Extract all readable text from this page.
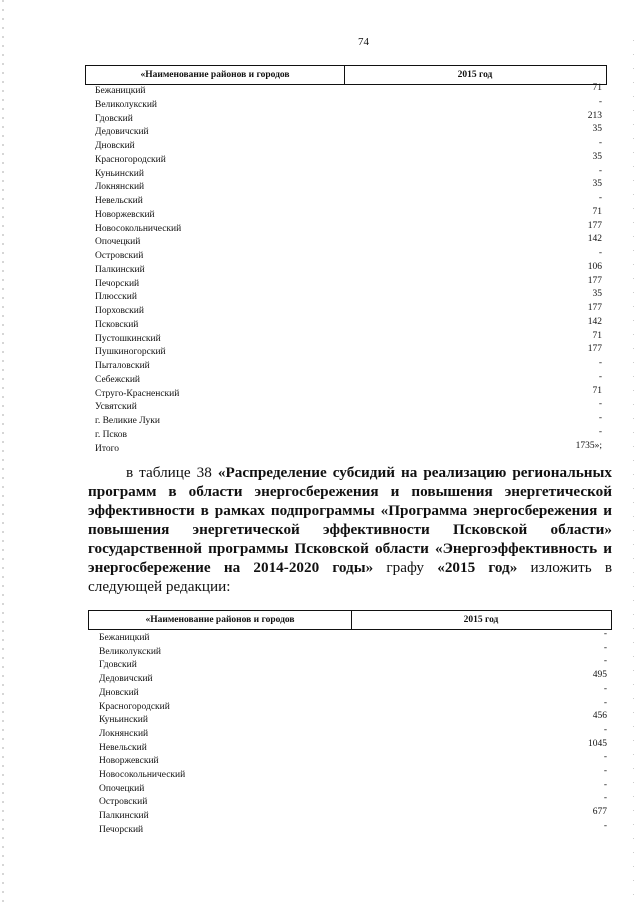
74
«Наименование районов и городов	2015 год
Бежаницкий
Великолукский
Гдовский
Дедовичский
Дновский
Красногородский
Куньинский
Локнянский
Невельский
Новоржевский
Новосокольнический
Опочецкий
Островский
Палкинский
Печорский
Плюсский
Порховский
Псковский
Пустошкинский
Пушкиногорский
Пыталовский
Себежский
Струго-Красненский
Усвятский
г. Великие Луки
г. Псков
Итого
71
-
213
35
-
35
-
35
-
71
177
142
-
106
177
35
177
142
71
177
-
-
71
-
-
-
1735»;
в таблице 38 «Распределение субсидий на реализацию региональных программ в области энергосбережения и повышения энергетической эффективности в рамках подпрограммы «Программа энергосбережения и повышения энергетической эффективности Псковской области» государственной программы Псковской области «Энергоэффективность и энергосбережение на 2014-2020 годы» графу «2015 год» изложить в следующей редакции:
«Наименование районов и городов	2015 год
Бежаницкий
Великолукский
Гдовский
Дедовичский
Дновский
Красногородский
Куньинский
Локнянский
Невельский
Новоржевский
Новосокольнический
Опочецкий
Островский
Палкинский
Печорский
-
-
-
495
-
-
456
-
1045
-
-
-
-
677
-
